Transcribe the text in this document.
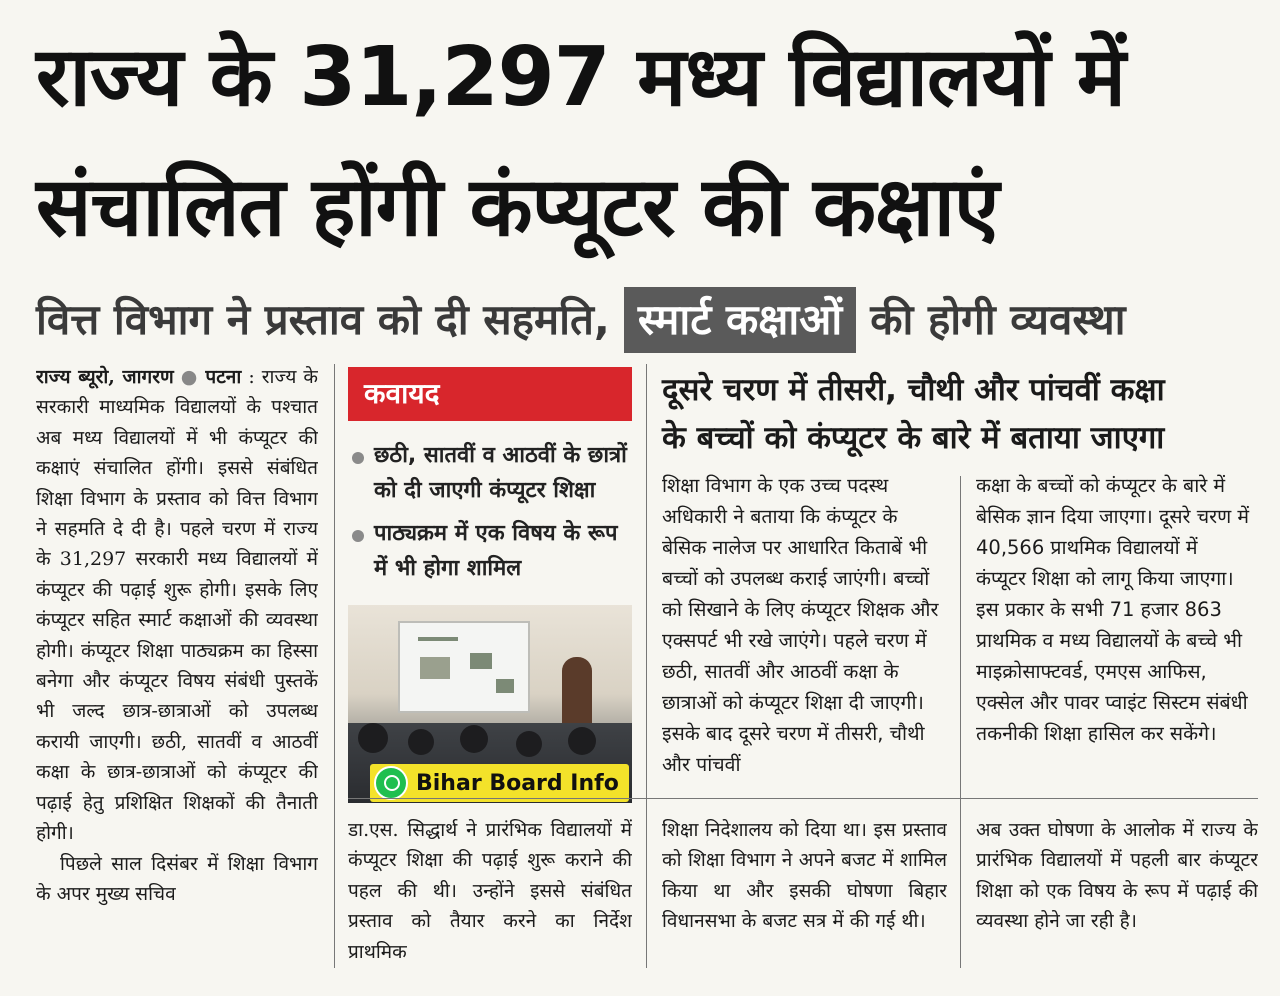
राज्य के 31,297 मध्य विद्यालयों में
संचालित होंगी कंप्यूटर की कक्षाएं
वित्त विभाग ने प्रस्ताव को दी सहमति, स्मार्ट कक्षाओं की होगी व्यवस्था

राज्य ब्यूरो, जागरण ● पटना : राज्य के सरकारी माध्यमिक विद्यालयों के पश्चात अब मध्य विद्यालयों में भी कंप्यूटर की कक्षाएं संचालित होंगी। इससे संबंधित शिक्षा विभाग के प्रस्ताव को वित्त विभाग ने सहमति दे दी है। पहले चरण में राज्य के 31,297 सरकारी मध्य विद्यालयों में कंप्यूटर की पढ़ाई शुरू होगी। इसके लिए कंप्यूटर सहित स्मार्ट कक्षाओं की व्यवस्था होगी। कंप्यूटर शिक्षा पाठ्यक्रम का हिस्सा बनेगा और कंप्यूटर विषय संबंधी पुस्तकें भी जल्द छात्र-छात्राओं को उपलब्ध करायी जाएगी। छठी, सातवीं व आठवीं कक्षा के छात्र-छात्राओं को कंप्यूटर की पढ़ाई हेतु प्रशिक्षित शिक्षकों की तैनाती होगी।

पिछले साल दिसंबर में शिक्षा विभाग के अपर मुख्य सचिव

कवायद
छठी, सातवीं व आठवीं के छात्रों को दी जाएगी कंप्यूटर शिक्षा
पाठ्यक्रम में एक विषय के रूप में भी होगा शामिल
Bihar Board Info
दूसरे चरण में तीसरी, चौथी और पांचवीं कक्षा
के बच्चों को कंप्यूटर के बारे में बताया जाएगा
शिक्षा विभाग के एक उच्च पदस्थ अधिकारी ने बताया कि कंप्यूटर के बेसिक नालेज पर आधारित किताबें भी बच्चों को उपलब्ध कराई जाएंगी। बच्चों को सिखाने के लिए कंप्यूटर शिक्षक और एक्सपर्ट भी रखे जाएंगे। पहले चरण में छठी, सातवीं और आठवीं कक्षा के छात्राओं को कंप्यूटर शिक्षा दी जाएगी। इसके बाद दूसरे चरण में तीसरी, चौथी और पांचवीं
कक्षा के बच्चों को कंप्यूटर के बारे में बेसिक ज्ञान दिया जाएगा। दूसरे चरण में 40,566 प्राथमिक विद्यालयों में कंप्यूटर शिक्षा को लागू किया जाएगा। इस प्रकार के सभी 71 हजार 863 प्राथमिक व मध्य विद्यालयों के बच्चे भी माइक्रोसाफ्टवर्ड, एमएस आफिस, एक्सेल और पावर प्वाइंट सिस्टम संबंधी तकनीकी शिक्षा हासिल कर सकेंगे।
डा.एस. सिद्धार्थ ने प्रारंभिक विद्यालयों में कंप्यूटर शिक्षा की पढ़ाई शुरू कराने की पहल की थी। उन्होंने इससे संबंधित प्रस्ताव को तैयार करने का निर्देश प्राथमिक
शिक्षा निदेशालय को दिया था। इस प्रस्ताव को शिक्षा विभाग ने अपने बजट में शामिल किया था और इसकी घोषणा बिहार विधानसभा के बजट सत्र में की गई थी।
अब उक्त घोषणा के आलोक में राज्य के प्रारंभिक विद्यालयों में पहली बार कंप्यूटर शिक्षा को एक विषय के रूप में पढ़ाई की व्यवस्था होने जा रही है।
